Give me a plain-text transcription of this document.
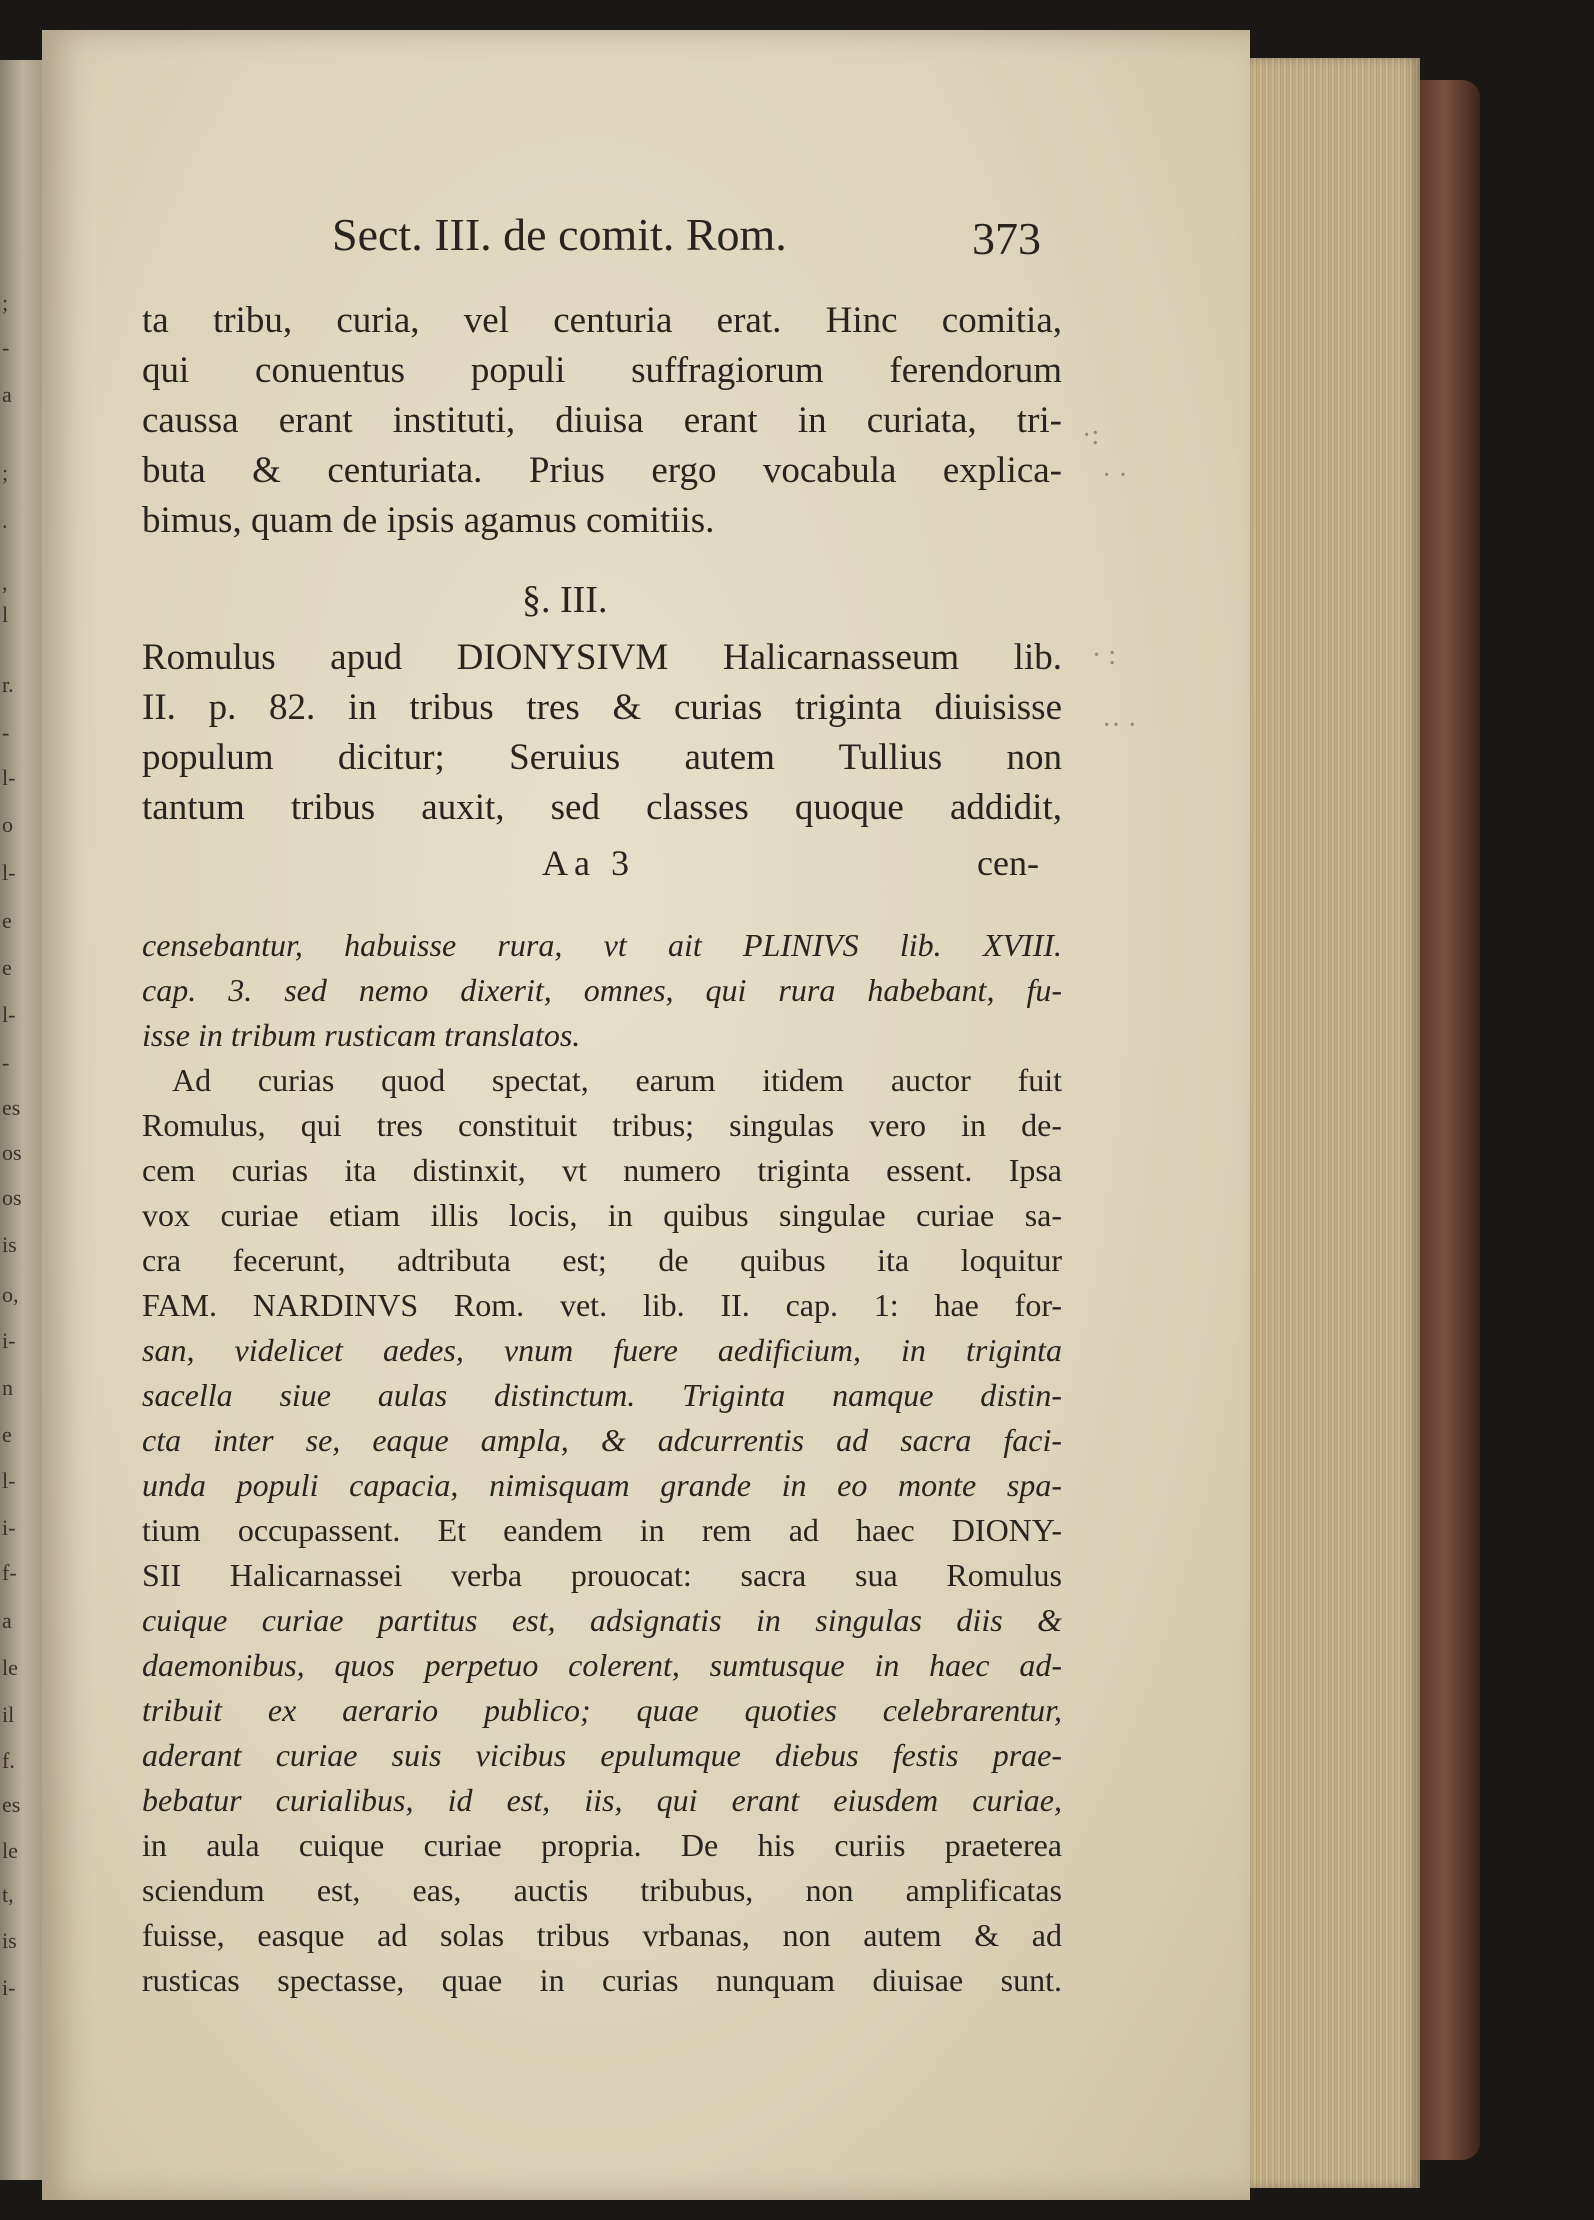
;
-
a
;
.
,
l
r.
-
l-
o
l-
e
e
l-
-
es
os
os
is
o,
i-
n
e
l-
i-
f-
a
le
il
f.
es
le
t,
is
i-
Sect. III. de comit. Rom.	373
ta tribu, curia, vel centuria erat. Hinc comitia,
qui conuentus populi suffragiorum ferendorum
caussa erant instituti, diuisa erant in curiata, tri-
buta & centuriata. Prius ergo vocabula explica-
bimus, quam de ipsis agamus comitiis.
§. III.
Romulus apud DIONYSIVM Halicarnasseum lib.
II. p. 82. in tribus tres & curias triginta diuisisse
populum dicitur; Seruius autem Tullius non
tantum tribus auxit, sed classes quoque addidit,
Aa 3	cen-
censebantur, habuisse rura, vt ait PLINIVS lib. XVIII.
cap. 3. sed nemo dixerit, omnes, qui rura habebant, fu-
isse in tribum rusticam translatos.
Ad curias quod spectat, earum itidem auctor fuit
Romulus, qui tres constituit tribus; singulas vero in de-
cem curias ita distinxit, vt numero triginta essent. Ipsa
vox curiae etiam illis locis, in quibus singulae curiae sa-
cra fecerunt, adtributa est; de quibus ita loquitur
FAM. NARDINVS Rom. vet. lib. II. cap. 1: hae for-
san, videlicet aedes, vnum fuere aedificium, in triginta
sacella siue aulas distinctum. Triginta namque distin-
cta inter se, eaque ampla, & adcurrentis ad sacra faci-
unda populi capacia, nimisquam grande in eo monte spa-
tium occupassent. Et eandem in rem ad haec DIONY-
SII Halicarnassei verba prouocat: sacra sua Romulus
cuique curiae partitus est, adsignatis in singulas diis &
daemonibus, quos perpetuo colerent, sumtusque in haec ad-
tribuit ex aerario publico; quae quoties celebrarentur,
aderant curiae suis vicibus epulumque diebus festis prae-
bebatur curialibus, id est, iis, qui erant eiusdem curiae,
in aula cuique curiae propria. De his curiis praeterea
sciendum est, eas, auctis tribubus, non amplificatas
fuisse, easque ad solas tribus vrbanas, non autem & ad
rusticas spectasse, quae in curias nunquam diuisae sunt.
·:
· ·
· :
·· ·
